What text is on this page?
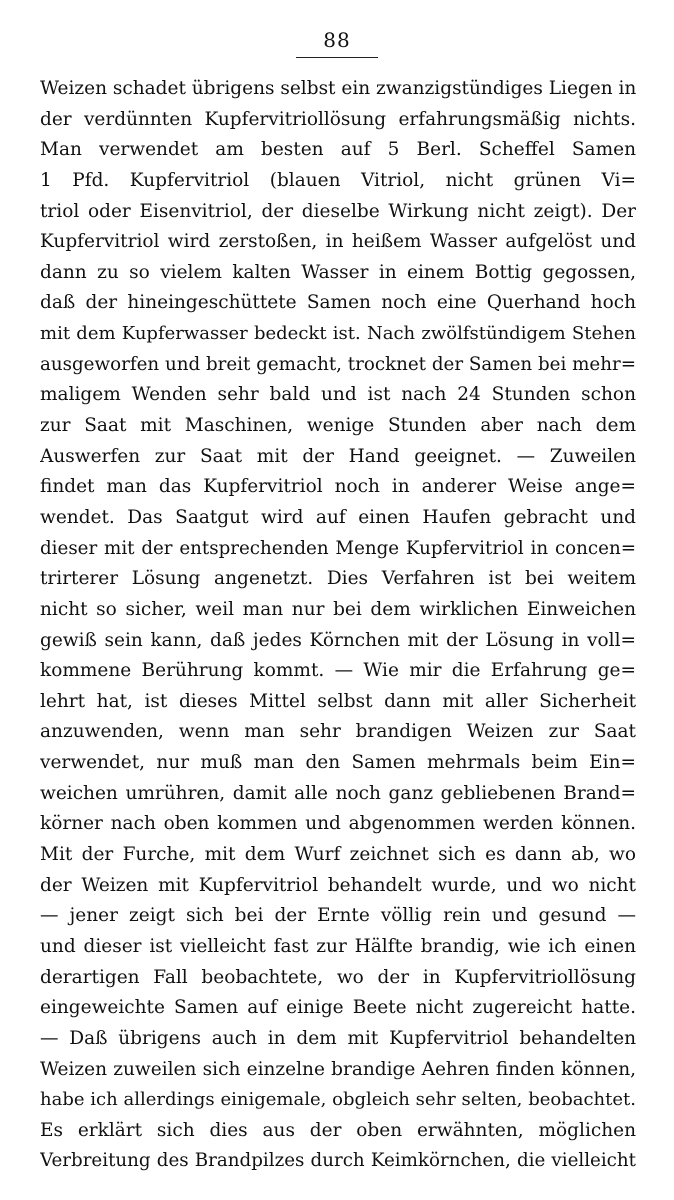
88
Weizen schadet übrigens selbst ein zwanzigstündiges Liegen in
der verdünnten Kupfervitriollösung erfahrungsmäßig nichts.
Man verwendet am besten auf 5 Berl. Scheffel Samen
1 Pfd. Kupfervitriol (blauen Vitriol, nicht grünen Vi=
triol oder Eisenvitriol, der dieselbe Wirkung nicht zeigt). Der
Kupfervitriol wird zerstoßen, in heißem Wasser aufgelöst und
dann zu so vielem kalten Wasser in einem Bottig gegossen,
daß der hineingeschüttete Samen noch eine Querhand hoch
mit dem Kupferwasser bedeckt ist. Nach zwölfstündigem Stehen
ausgeworfen und breit gemacht, trocknet der Samen bei mehr=
maligem Wenden sehr bald und ist nach 24 Stunden schon
zur Saat mit Maschinen, wenige Stunden aber nach dem
Auswerfen zur Saat mit der Hand geeignet. — Zuweilen
findet man das Kupfervitriol noch in anderer Weise ange=
wendet. Das Saatgut wird auf einen Haufen gebracht und
dieser mit der entsprechenden Menge Kupfervitriol in concen=
trirterer Lösung angenetzt. Dies Verfahren ist bei weitem
nicht so sicher, weil man nur bei dem wirklichen Einweichen
gewiß sein kann, daß jedes Körnchen mit der Lösung in voll=
kommene Berührung kommt. — Wie mir die Erfahrung ge=
lehrt hat, ist dieses Mittel selbst dann mit aller Sicherheit
anzuwenden, wenn man sehr brandigen Weizen zur Saat
verwendet, nur muß man den Samen mehrmals beim Ein=
weichen umrühren, damit alle noch ganz gebliebenen Brand=
körner nach oben kommen und abgenommen werden können.
Mit der Furche, mit dem Wurf zeichnet sich es dann ab, wo
der Weizen mit Kupfervitriol behandelt wurde, und wo nicht
— jener zeigt sich bei der Ernte völlig rein und gesund —
und dieser ist vielleicht fast zur Hälfte brandig, wie ich einen
derartigen Fall beobachtete, wo der in Kupfervitriollösung
eingeweichte Samen auf einige Beete nicht zugereicht hatte.
— Daß übrigens auch in dem mit Kupfervitriol behandelten
Weizen zuweilen sich einzelne brandige Aehren finden können,
habe ich allerdings einigemale, obgleich sehr selten, beobachtet.
Es erklärt sich dies aus der oben erwähnten, möglichen
Verbreitung des Brandpilzes durch Keimkörnchen, die vielleicht
